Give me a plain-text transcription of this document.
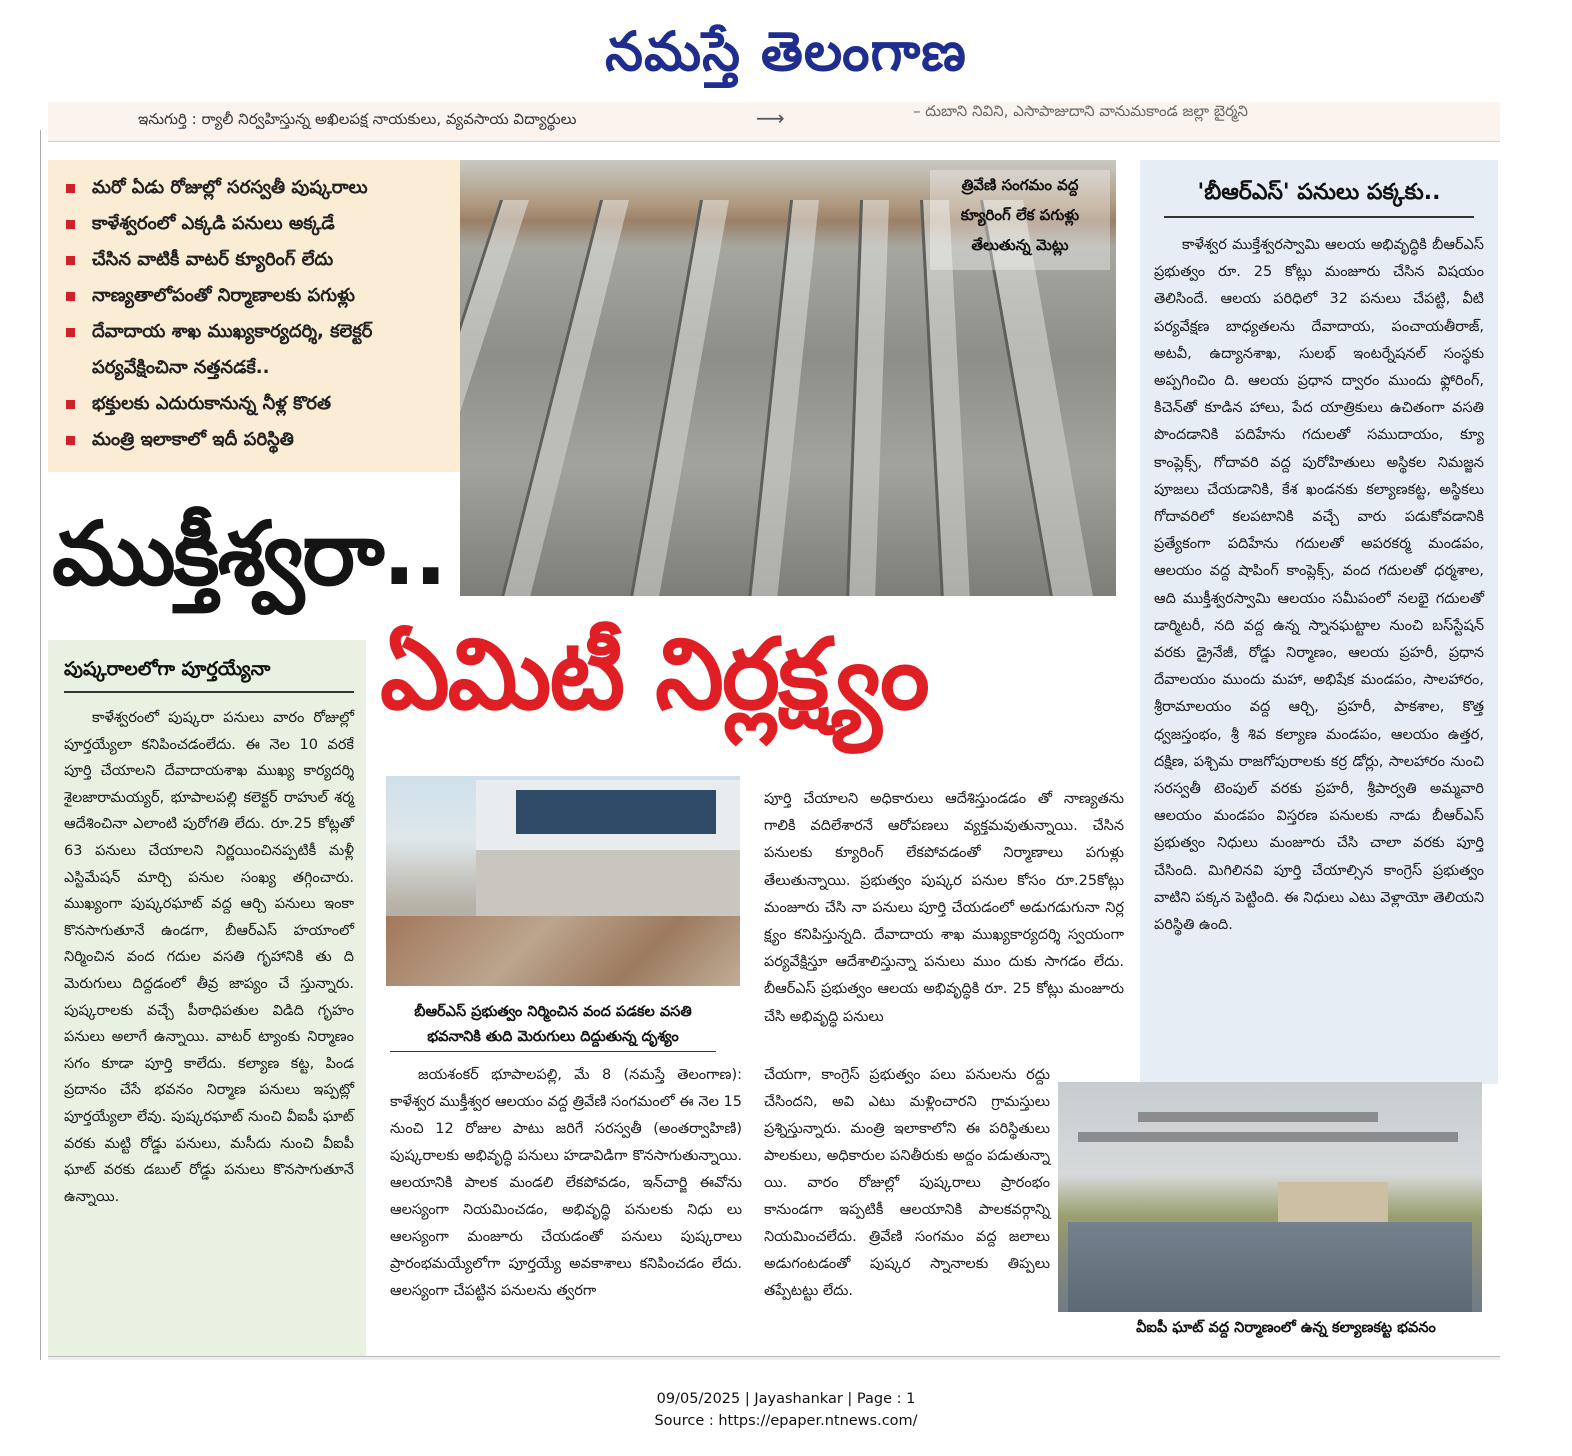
నమస్తే తెలంగాణ
ఇనుగుర్తి : ర్యాలీ నిర్వహిస్తున్న అఖిలపక్ష నాయకులు, వ్యవసాయ విద్యార్థులు	⟶	– దుబాని నివిని, ఎసాపాజుదాని వానుమకాండ జల్లా బైర్మని
మరో ఏడు రోజుల్లో సరస్వతీ పుష్కరాలు
కాళేశ్వరంలో ఎక్కడి పనులు అక్కడే
చేసిన వాటికీ వాటర్ క్యూరింగ్ లేదు
నాణ్యతాలోపంతో నిర్మాణాలకు పగుళ్లు
దేవాదాయ శాఖ ముఖ్యకార్యదర్శి, కలెక్టర్ పర్యవేక్షించినా నత్తనడకే..
భక్తులకు ఎదురుకానున్న నీళ్ల కొరత
మంత్రి ఇలాకాలో ఇదీ పరిస్థితి
త్రివేణి సంగమం వద్ద
క్యూరింగ్ లేక పగుళ్లు
తేలుతున్న మెట్లు
ముక్తీశ్వరా..
ఏమిటీ నిర్లక్ష్యం
'బీఆర్ఎస్' పనులు పక్కకు..
కాళేశ్వర ముక్తేశ్వరస్వామి ఆలయ అభివృద్ధికి బీఆర్ఎస్ ప్రభుత్వం రూ. 25 కోట్లు మంజూరు చేసిన విషయం తెలిసిందే. ఆలయ పరిధిలో 32 పనులు చేపట్టి, వీటి పర్యవేక్షణ బాధ్యతలను దేవాదాయ, పంచాయతీరాజ్, అటవీ, ఉద్యానశాఖ, సులభ్ ఇంటర్నేషనల్ సంస్థకు అప్పగించిం ది. ఆలయ ప్రధాన ద్వారం ముందు ఫ్లోరింగ్, కిచెన్‌తో కూడిన హాలు, పేద యాత్రికులు ఉచితంగా వసతి పొందడానికి పదిహేను గదులతో సముదాయం, క్యూ కాంప్లెక్స్, గోదావరి వద్ద పురోహితులు అస్థికల నిమజ్జన పూజలు చేయడానికి, కేశ ఖండనకు కల్యాణకట్ట, అస్థికలు గోదావరిలో కలపటానికి వచ్చే వారు పడుకోవడానికి ప్రత్యేకంగా పదిహేను గదులతో అపరకర్మ మండపం, ఆలయం వద్ద షాపింగ్ కాంప్లెక్స్, వంద గదులతో ధర్మశాల, ఆది ముక్తీశ్వరస్వామి ఆలయం సమీపంలో నలభై గదులతో డార్మిటరీ, నది వద్ద ఉన్న స్నానఘట్టాల నుంచి బస్‌స్టేషన్ వరకు డ్రైనేజీ, రోడ్డు నిర్మాణం, ఆలయ ప్రహరీ, ప్రధాన దేవాలయం ముందు మహా, అభిషేక మండపం, సాలహారం, శ్రీరామాలయం వద్ద ఆర్చి, ప్రహరీ, పాకశాల, కొత్త ధ్వజస్తంభం, శ్రీ శివ కల్యాణ మండపం, ఆలయం ఉత్తర, దక్షిణ, పశ్చిమ రాజగోపురాలకు కర్ర డోర్లు, సాలహారం నుంచి సరస్వతీ టెంపుల్ వరకు ప్రహరీ, శ్రీపార్వతి అమ్మవారి ఆలయం మండపం విస్తరణ పనులకు నాడు బీఆర్ఎస్ ప్రభుత్వం నిధులు మంజూరు చేసి చాలా వరకు పూర్తి చేసింది. మిగిలినవి పూర్తి చేయాల్సిన కాంగ్రెస్ ప్రభుత్వం వాటిని పక్కన పెట్టింది. ఈ నిధులు ఎటు వెళ్లాయో తెలియని పరిస్థితి ఉంది.
పుష్కరాలలోగా పూర్తయ్యేనా
కాళేశ్వరంలో పుష్కరా పనులు వారం రోజుల్లో పూర్తయ్యేలా కనిపించడంలేదు. ఈ నెల 10 వరకే పూర్తి చేయాలని దేవాదాయశాఖ ముఖ్య కార్యదర్శి శైలజారామయ్యర్, భూపాలపల్లి కలెక్టర్ రాహుల్ శర్మ ఆదేశించినా ఎలాంటి పురోగతి లేదు. రూ.25 కోట్లతో 63 పనులు చేయాలని నిర్ణయించినప్పటికీ మళ్లీ ఎస్టిమేషన్ మార్చి పనుల సంఖ్య తగ్గించారు. ముఖ్యంగా పుష్కరఘాట్ వద్ద ఆర్చి పనులు ఇంకా కొనసాగుతూనే ఉండగా, బీఆర్ఎస్ హయాంలో నిర్మించిన వంద గదుల వసతి గృహానికి తు ది మెరుగులు దిద్దడంలో తీవ్ర జాప్యం చే స్తున్నారు. పుష్కరాలకు వచ్చే పీఠాధిపతుల విడిది గృహం పనులు అలాగే ఉన్నాయి. వాటర్ ట్యాంకు నిర్మాణం సగం కూడా పూర్తి కాలేదు. కల్యాణ కట్ట, పిండ ప్రదానం చేసే భవనం నిర్మాణ పనులు ఇప్పట్లో పూర్తయ్యేలా లేవు. పుష్కరఘాట్ నుంచి వీఐపీ ఘాట్ వరకు మట్టి రోడ్డు పనులు, మసీదు నుంచి వీఐపీ ఘాట్ వరకు డబుల్ రోడ్డు పనులు కొనసాగుతూనే ఉన్నాయి.
బీఆర్ఎస్ ప్రభుత్వం నిర్మించిన వంద పడకల వసతి భవనానికి తుది మెరుగులు దిద్దుతున్న దృశ్యం
జయశంకర్ భూపాలపల్లి, మే 8 (నమస్తే తెలంగాణ): కాళేశ్వర ముక్తీశ్వర ఆలయం వద్ద త్రివేణి సంగమంలో ఈ నెల 15 నుంచి 12 రోజుల పాటు జరిగే సరస్వతీ (అంతర్వాహిణి) పుష్కరాలకు అభివృద్ధి పనులు హడావిడిగా కొనసాగుతున్నాయి. ఆలయానికి పాలక మండలి లేకపోవడం, ఇన్‌చార్జి ఈవోను ఆలస్యంగా నియమించడం, అభివృద్ధి పనులకు నిధు లు ఆలస్యంగా మంజూరు చేయడంతో పనులు పుష్కరాలు ప్రారంభమయ్యేలోగా పూర్తయ్యే అవకాశాలు కనిపించడం లేదు. ఆలస్యంగా చేపట్టిన పనులను త్వరగా
పూర్తి చేయాలని అధికారులు ఆదేశిస్తుండడం తో నాణ్యతను గాలికి వదిలేశారనే ఆరోపణలు వ్యక్తమవుతున్నాయి. చేసిన పనులకు క్యూరింగ్ లేకపోవడంతో నిర్మాణాలు పగుళ్లు తేలుతున్నాయి. ప్రభుత్వం పుష్కర పనుల కోసం రూ.25కోట్లు మంజూరు చేసి నా పనులు పూర్తి చేయడంలో అడుగడుగునా నిర్ల క్ష్యం కనిపిస్తున్నది. దేవాదాయ శాఖ ముఖ్యకార్యదర్శి స్వయంగా పర్యవేక్షిస్తూ ఆదేశాలిస్తున్నా పనులు ముం దుకు సాగడం లేదు. బీఆర్ఎస్ ప్రభుత్వం ఆలయ అభివృద్ధికి రూ. 25 కోట్లు మంజూరు చేసి అభివృద్ధి పనులు
చేయగా, కాంగ్రెస్ ప్రభుత్వం పలు పనులను రద్దు చేసిందని, అవి ఎటు మళ్లించారని గ్రామస్తులు ప్రశ్నిస్తున్నారు. మంత్రి ఇలాకాలోని ఈ పరిస్థితులు పాలకులు, అధికారుల పనితీరుకు అద్దం పడుతున్నా యి. వారం రోజుల్లో పుష్కరాలు ప్రారంభం కానుండగా ఇప్పటికీ ఆలయానికి పాలకవర్గాన్ని నియమించలేదు. త్రివేణి సంగమం వద్ద జలాలు అడుగంటడంతో పుష్కర స్నానాలకు తిప్పలు తప్పేటట్టు లేదు.
వీఐపీ ఘాట్ వద్ద నిర్మాణంలో ఉన్న కల్యాణకట్ట భవనం
09/05/2025 | Jayashankar | Page : 1
Source : https://epaper.ntnews.com/
